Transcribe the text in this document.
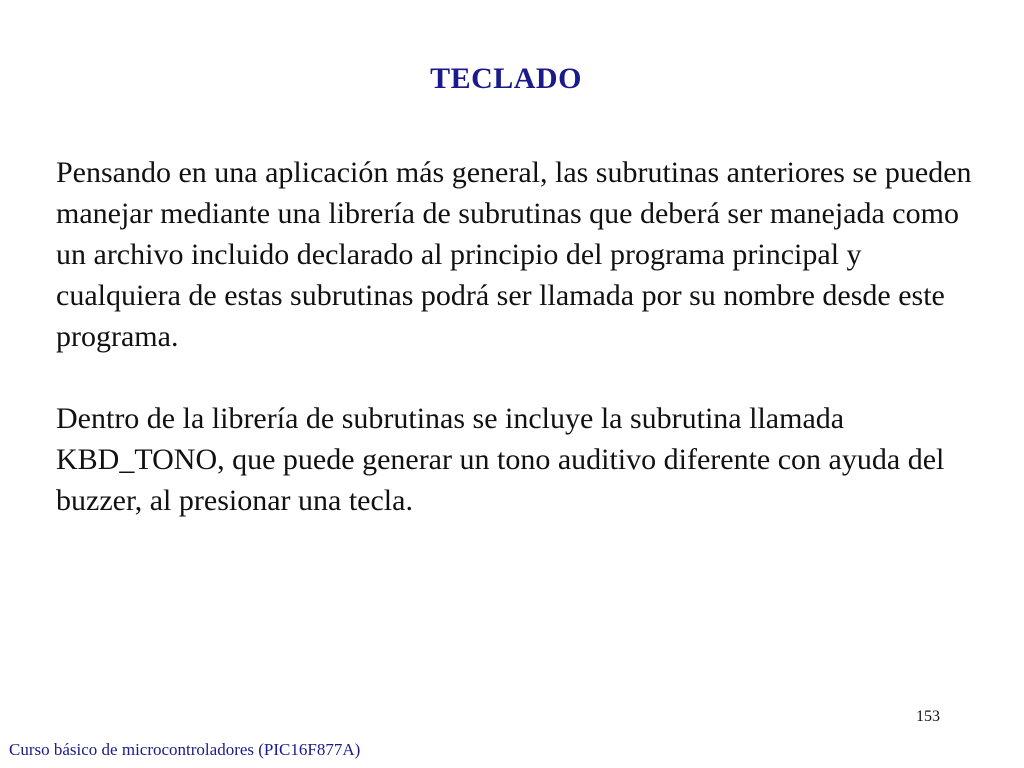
TECLADO

Pensando en una aplicación más general, las subrutinas anteriores se pueden manejar mediante una librería de subrutinas que deberá ser manejada como un archivo incluido declarado al principio del programa principal y cualquiera de estas subrutinas podrá ser llamada por su nombre desde este programa.

Dentro de la librería de subrutinas se incluye la subrutina llamada KBD_TONO, que puede generar un tono auditivo diferente con ayuda del buzzer, al presionar una tecla.

153
Curso básico de microcontroladores (PIC16F877A)
